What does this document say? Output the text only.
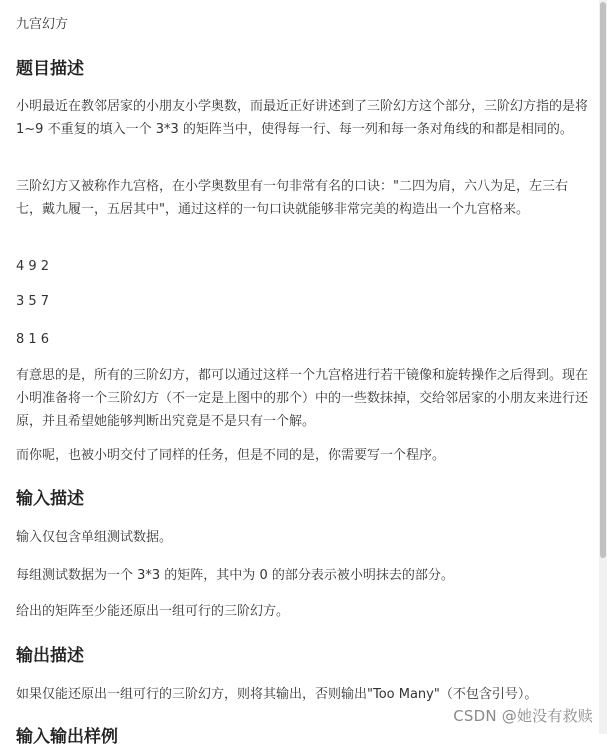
九宫幻方
题目描述

小明最近在教邻居家的小朋友小学奥数，而最近正好讲述到了三阶幻方这个部分，三阶幻方指的是将 1~9 不重复的填入一个 3*3 的矩阵当中，使得每一行、每一列和每一条对角线的和都是相同的。

三阶幻方又被称作九宫格，在小学奥数里有一句非常有名的口诀："二四为肩，六八为足，左三右七，戴九履一，五居其中"，通过这样的一句口诀就能够非常完美的构造出一个九宫格来。

4 9 2

3 5 7

8 1 6

有意思的是，所有的三阶幻方，都可以通过这样一个九宫格进行若干镜像和旋转操作之后得到。现在小明准备将一个三阶幻方（不一定是上图中的那个）中的一些数抹掉，交给邻居家的小朋友来进行还原，并且希望她能够判断出究竟是不是只有一个解。

而你呢，也被小明交付了同样的任务，但是不同的是，你需要写一个程序。

输入描述

输入仅包含单组测试数据。

每组测试数据为一个 3*3 的矩阵，其中为 0 的部分表示被小明抹去的部分。

给出的矩阵至少能还原出一组可行的三阶幻方。

输出描述

如果仅能还原出一组可行的三阶幻方，则将其输出，否则输出"Too Many"（不包含引号）。

输入输出样例
CSDN @她没有救赎
